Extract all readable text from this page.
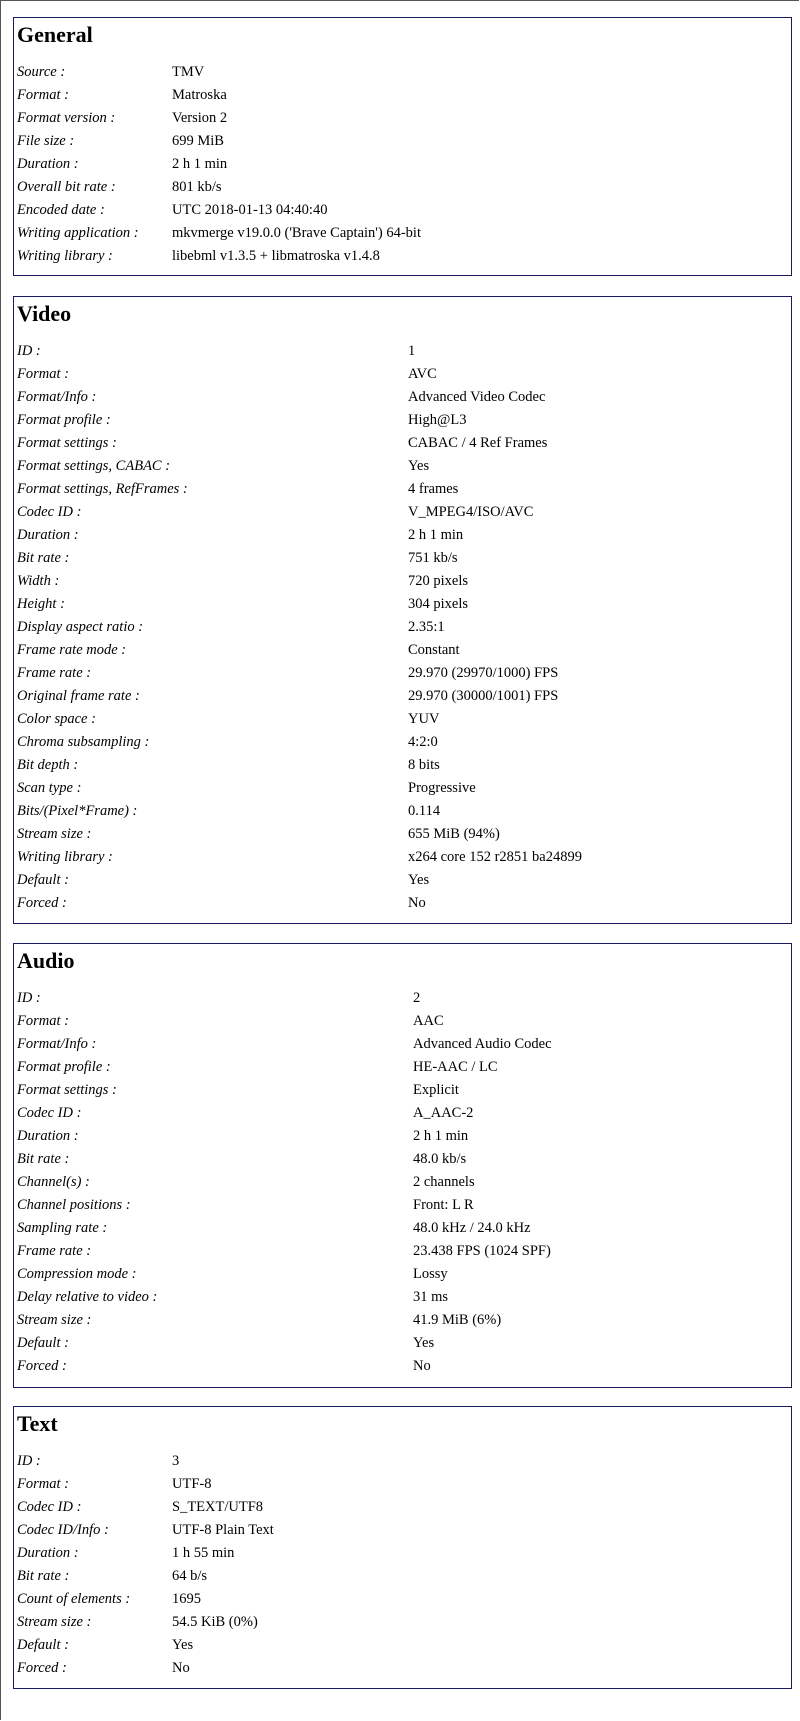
General
Source :	TMV
Format :	Matroska
Format version :	Version 2
File size :	699 MiB
Duration :	2 h 1 min
Overall bit rate :	801 kb/s
Encoded date :	UTC 2018-01-13 04:40:40
Writing application :	mkvmerge v19.0.0 ('Brave Captain') 64-bit
Writing library :	libebml v1.3.5 + libmatroska v1.4.8
Video
ID :	1
Format :	AVC
Format/Info :	Advanced Video Codec
Format profile :	High@L3
Format settings :	CABAC / 4 Ref Frames
Format settings, CABAC :	Yes
Format settings, RefFrames :	4 frames
Codec ID :	V_MPEG4/ISO/AVC
Duration :	2 h 1 min
Bit rate :	751 kb/s
Width :	720 pixels
Height :	304 pixels
Display aspect ratio :	2.35:1
Frame rate mode :	Constant
Frame rate :	29.970 (29970/1000) FPS
Original frame rate :	29.970 (30000/1001) FPS
Color space :	YUV
Chroma subsampling :	4:2:0
Bit depth :	8 bits
Scan type :	Progressive
Bits/(Pixel*Frame) :	0.114
Stream size :	655 MiB (94%)
Writing library :	x264 core 152 r2851 ba24899
Default :	Yes
Forced :	No
Audio
ID :	2
Format :	AAC
Format/Info :	Advanced Audio Codec
Format profile :	HE-AAC / LC
Format settings :	Explicit
Codec ID :	A_AAC-2
Duration :	2 h 1 min
Bit rate :	48.0 kb/s
Channel(s) :	2 channels
Channel positions :	Front: L R
Sampling rate :	48.0 kHz / 24.0 kHz
Frame rate :	23.438 FPS (1024 SPF)
Compression mode :	Lossy
Delay relative to video :	31 ms
Stream size :	41.9 MiB (6%)
Default :	Yes
Forced :	No
Text
ID :	3
Format :	UTF-8
Codec ID :	S_TEXT/UTF8
Codec ID/Info :	UTF-8 Plain Text
Duration :	1 h 55 min
Bit rate :	64 b/s
Count of elements :	1695
Stream size :	54.5 KiB (0%)
Default :	Yes
Forced :	No
